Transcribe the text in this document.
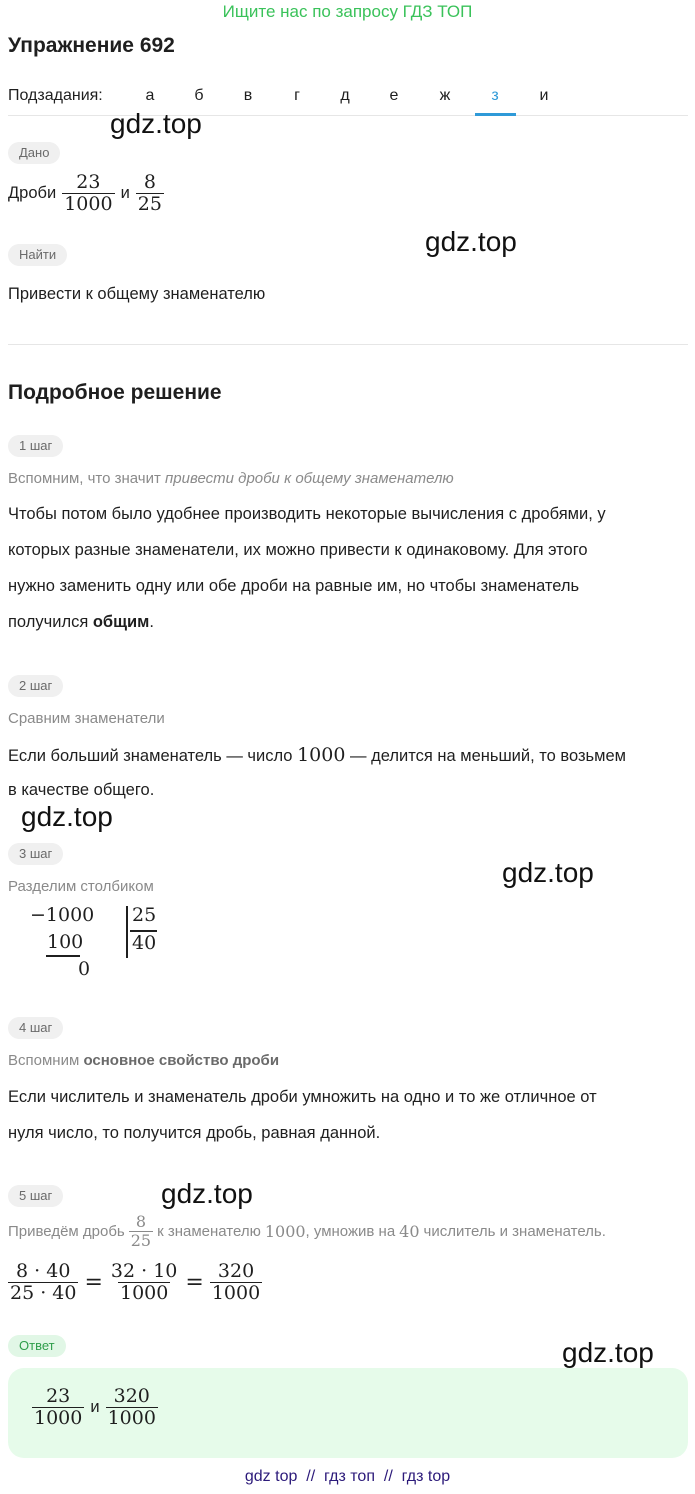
Ищите нас по запросу ГДЗ ТОП
Упражнение 692
Подзадания:	а	б	в	г	д	е	ж	з	и
Дано
Дроби $\frac{23}{1000}$ и $\frac{8}{25}$
Найти
Привести к общему знаменателю
Подробное решение
1 шаг
Вспомним, что значит привести дроби к общему знаменателю
Чтобы потом было удобнее производить некоторые вычисления с дробями, у
которых разные знаменатели, их можно привести к одинаковому. Для этого
нужно заменить одну или обе дроби на равные им, но чтобы знаменатель
получился общим.
2 шаг
Сравним знаменатели
Если больший знаменатель — число 1000 — делится на меньший, то возьмем
в качестве общего.
3 шаг
Разделим столбиком
−1000
100
0
25
40
4 шаг
Вспомним основное свойство дроби
Если числитель и знаменатель дроби умножить на одно и то же отличное от
нуля число, то получится дробь, равная данной.
5 шаг
Приведём дробь $\frac{8}{25}$ к знаменателю 1000 , умножив на 40 числитель и знаменатель.
$\frac{8 \cdot 40}{25 \cdot 40} = \frac{32 \cdot 10}{1000} = \frac{320}{1000}$
Ответ
$\frac{23}{1000}$ и $\frac{320}{1000}$
gdz.top
gdz.top
gdz.top
gdz.top
gdz.top
gdz.top
gdz top  //  гдз топ  //  гдз top
